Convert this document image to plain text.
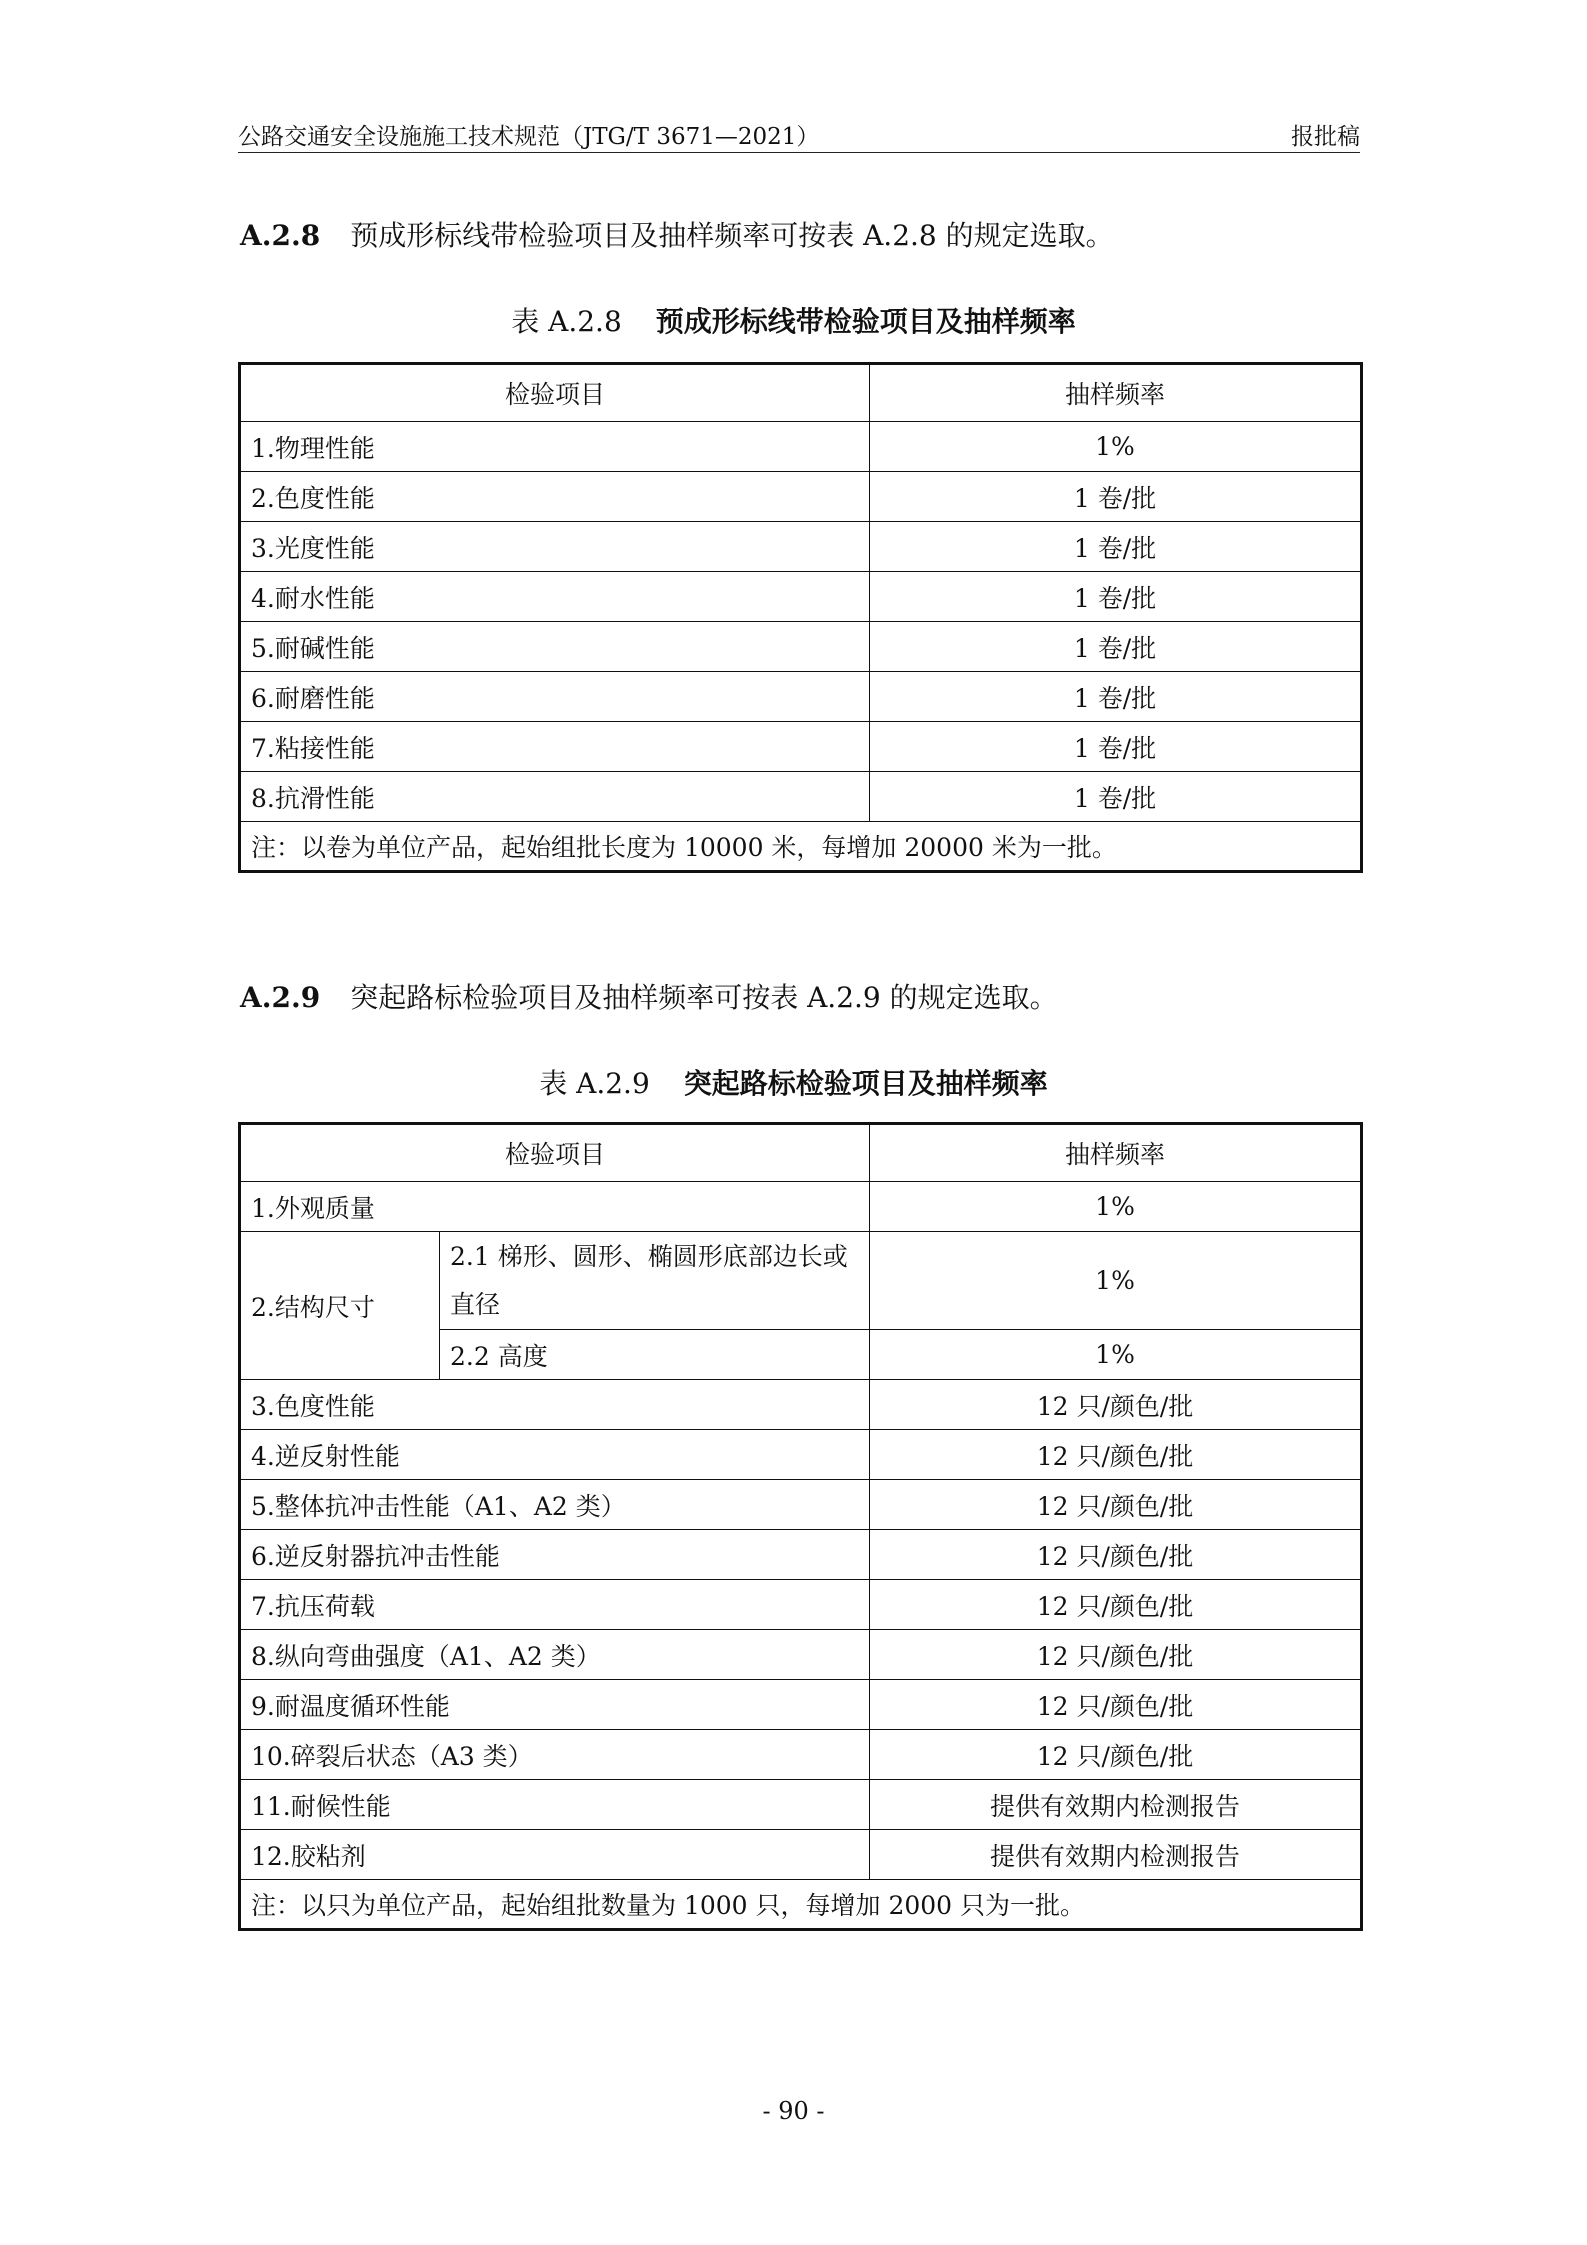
公路交通安全设施施工技术规范（JTG/T 3671—2021）	报批稿
A.2.8 预成形标线带检验项目及抽样频率可按表 A.2.8 的规定选取。
表 A.2.8 预成形标线带检验项目及抽样频率
检验项目	抽样频率
1.物理性能	1%
2.色度性能	1 卷/批
3.光度性能	1 卷/批
4.耐水性能	1 卷/批
5.耐碱性能	1 卷/批
6.耐磨性能	1 卷/批
7.粘接性能	1 卷/批
8.抗滑性能	1 卷/批
注：以卷为单位产品，起始组批长度为 10000 米，每增加 20000 米为一批。	
A.2.9 突起路标检验项目及抽样频率可按表 A.2.9 的规定选取。
表 A.2.9 突起路标检验项目及抽样频率
检验项目		抽样频率
1.外观质量		1%
2.结构尺寸	2.1 梯形、圆形、椭圆形底部边长或直径	1%
	2.2 高度	1%
3.色度性能		12 只/颜色/批
4.逆反射性能		12 只/颜色/批
5.整体抗冲击性能（A1、A2 类）		12 只/颜色/批
6.逆反射器抗冲击性能		12 只/颜色/批
7.抗压荷载		12 只/颜色/批
8.纵向弯曲强度（A1、A2 类）		12 只/颜色/批
9.耐温度循环性能		12 只/颜色/批
10.碎裂后状态（A3 类）		12 只/颜色/批
11.耐候性能		提供有效期内检测报告
12.胶粘剂		提供有效期内检测报告
注：以只为单位产品，起始组批数量为 1000 只，每增加 2000 只为一批。		
- 90 -
